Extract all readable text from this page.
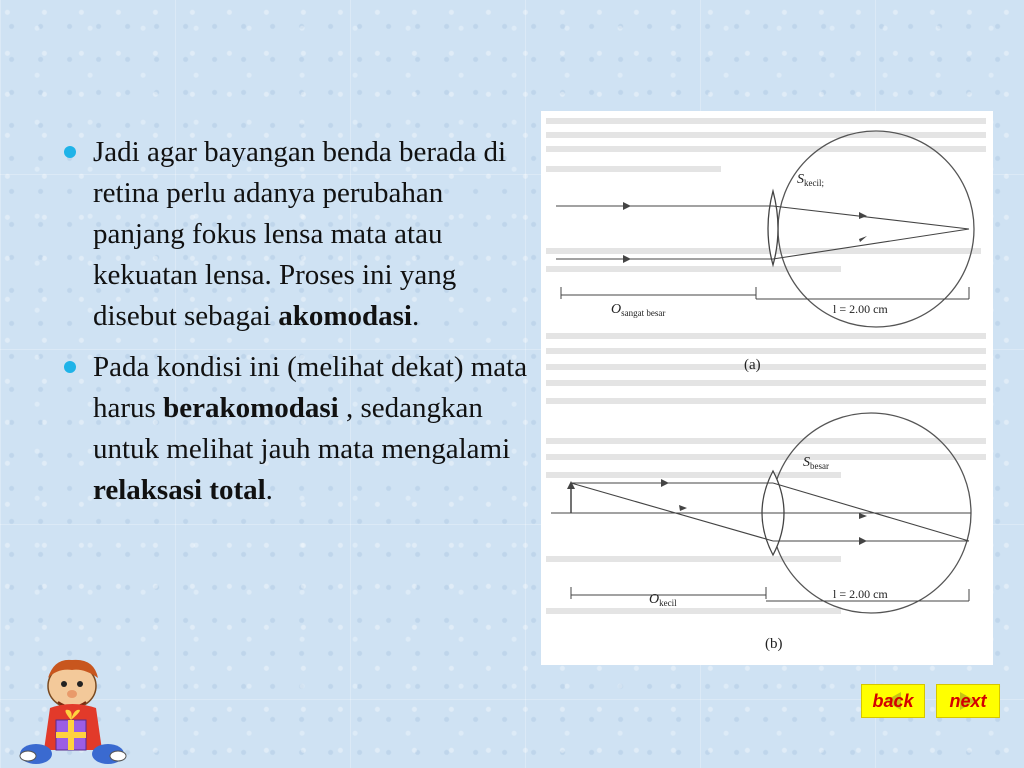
Jadi agar bayangan benda berada di retina perlu adanya perubahan panjang fokus lensa mata atau kekuatan lensa. Proses ini yang disebut sebagai akomodasi.
Pada kondisi ini (melihat dekat) mata harus berakomodasi , sedangkan untuk melihat jauh mata mengalami relaksasi total.
$S_{kecil;}$
$O_{sangat besar}$	l = 2.00 cm
(a)
$S_{besar}$
$O_{kecil}$
l = 2.00 cm
(b)
back	next
